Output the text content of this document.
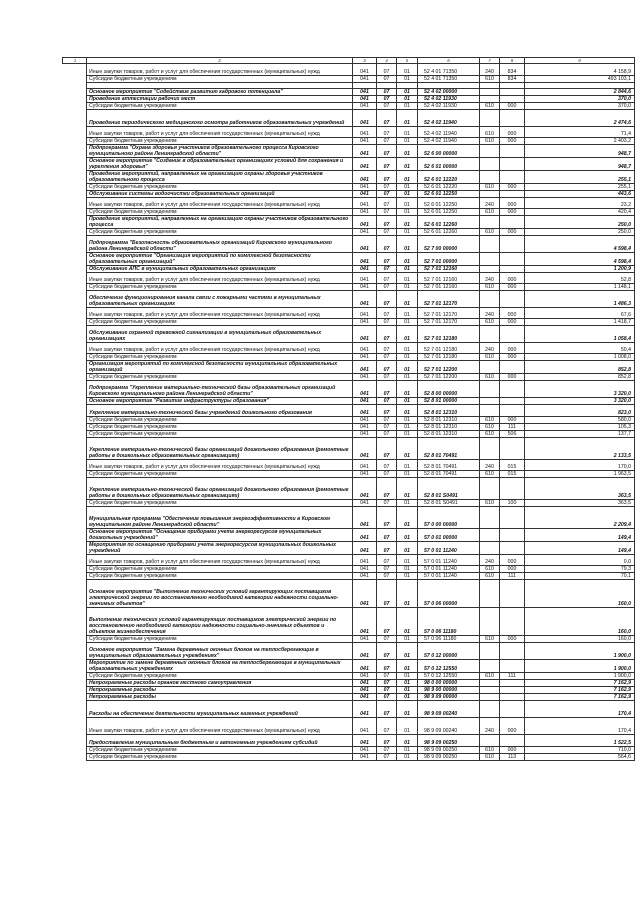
2	3	4	5	6	7	8	9
Иные закупки товаров, работ и услуг для обеспечения государственных (муниципальных) нужд	041	07	01	52 4 01 71350	240	834	4 158,9
Субсидии бюджетным учреждениям	041	07	01	52 4 01 71350	610	834	493 103,1

Основное мероприятие "Содействие развитию кадрового потенциала"	041	07	01	52 4 02 00000			2 844,6
Проведение аттестации рабочих мест	041	07	01	52 4 02 11930			370,0
Субсидии бюджетным учреждениям	041	07	01	52 4 02 11930	610	000	370,0
Проведение периодического медицинского осмотра работников образовательных учреждений	041	07	01	52 4 02 11940			2 474,6
Иные закупки товаров, работ и услуг для обеспечения государственных (муниципальных) нужд	041	07	01	52 4 02 11940	610	000	71,4
Субсидии бюджетным учреждениям	041	07	01	52 4 02 11940	610	000	2 403,2
Подпрограмма "Охрана здоровья участников образовательного процесса Кировского муниципального района Ленинградской области"	041	07	01	52 6 00 00000			948,7
Основное мероприятие "Создание в образовательных организациях условий для сохранения и укрепления здоровья"	041	07	01	52 6 01 00000			948,7
Проведение мероприятий, направленных на организацию охраны здоровья участников образовательного процесса	041	07	01	52 6 01 12220			255,1
Субсидии бюджетным учреждениям	041	07	01	52 6 01 12220	610	000	255,1
Обслуживание системы водоочистки образовательных организаций	041	07	01	52 6 01 12250			443,6
Иные закупки товаров, работ и услуг для обеспечения государственных (муниципальных) нужд	041	07	01	52 6 01 12250	240	000	23,2
Субсидии бюджетным учреждениям	041	07	01	52 6 01 12250	610	000	420,4
Проведение мероприятий, направленных на организацию охраны участников образовательного процесса	041	07	01	52 6 01 12260			250,0
Субсидии бюджетным учреждениям	041	07	01	52 6 01 12260	610	000	250,0
Подпрограмма "Безопасность образовательных организаций Кировского муниципального района Ленинградской области"	041	07	01	52 7 00 00000			4 598,4
Основное мероприятие "Организация мероприятий по комплексной безопасности образовательных организаций"	041	07	01	52 7 01 00000			4 598,4
Обслуживание АПС в муниципальных образовательных организациях	041	07	01	52 7 01 12160			1 200,9
Иные закупки товаров, работ и услуг для обеспечения государственных (муниципальных) нужд	041	07	01	52 7 01 12160	240	000	52,8
Субсидии бюджетным учреждениям	041	07	01	52 7 01 12160	610	000	1 148,1
Обеспечение функционирования канала связи с пожарными частями в муниципальных образовательных организациях	041	07	01	52 7 01 12170			1 486,3
Иные закупки товаров, работ и услуг для обеспечения государственных (муниципальных) нужд	041	07	01	52 7 01 12170	240	000	67,6
Субсидии бюджетным учреждениям	041	07	01	52 7 01 12170	610	000	1 418,7
Обслуживание охранной тревожной сигнализации в муниципальных образовательных организациях	041	07	01	52 7 01 12180			1 058,4
Иные закупки товаров, работ и услуг для обеспечения государственных (муниципальных) нужд	041	07	01	52 7 01 12180	240	000	50,4
Субсидии бюджетным учреждениям	041	07	01	52 7 01 12180	610	000	1 008,0
Организация мероприятий по комплексной безопасности муниципальных образовательных организаций	041	07	01	52 7 01 12200			852,8
Субсидии бюджетным учреждениям	041	07	01	52 7 01 12200	610	000	852,8
Подпрограмма "Укрепление материально-технической базы образовательных организаций Кировского муниципального района Ленинградской области"	041	07	01	52 8 00 00000			3 320,0
Основное мероприятие "Развитие инфраструктуры образования"	041	07	01	52 8 01 00000			3 320,0
Укрепление материально-технической базы учреждений дошкольного образования	041	07	01	52 8 01 12310			823,0
Субсидии бюджетным учреждениям	041	07	01	52 8 01 12310	610	000	580,0
Субсидии бюджетным учреждениям	041	07	01	52 8 01 12310	610	111	105,3
Субсидии бюджетным учреждениям	041	07	01	52 8 01 12310	610	506	137,7
Укрепление материально-технической базы организаций дошкольного образования (ремонтные работы в дошкольных образовательных организациях)	041	07	01	52 8 01 70491			2 133,5
Иные закупки товаров, работ и услуг для обеспечения государственных (муниципальных) нужд	041	07	01	52 8 01 70491	240	015	170,0
Субсидии бюджетным учреждениям	041	07	01	52 8 01 70491	610	015	1 963,5
Укрепление материально-технической базы организаций дошкольного образования (ремонтные работы в дошкольных образовательных организациях)	041	07	01	52 8 01 S0491			363,5
Субсидии бюджетным учреждениям	041	07	01	52 8 01 S0491	610	100	363,5
Муниципальная программа "Обеспечение повышения энергоэффективности в Кировском муниципальном районе Ленинградской области"	041	07	01	57 0 00 00000			2 209,4
Основное мероприятие "Оснащение приборами учета энергоресурсов муниципальных дошкольных учреждений"	041	07	01	57 0 01 00000			149,4
Мероприятия по оснащению приборами учета энергоресурсов муниципальных дошкольных учреждений	041	07	01	57 0 01 11240			149,4
Иные закупки товаров, работ и услуг для обеспечения государственных (муниципальных) нужд	041	07	01	57 0 01 11240	240	000	0,0
Субсидии бюджетным учреждениям	041	07	01	57 0 01 11240	610	000	79,3
Субсидии бюджетным учреждениям	041	07	01	57 0 01 11240	610	111	70,1
Основное мероприятие "Выполнение технических условий гарантирующих поставщиков электрической энергии по восстановлению необходимой категории надежности социально-значимых объектов"	041	07	01	57 0 06 00000			160,0
Выполнение технических условий гарантирующих поставщиков электрической энергии по восстановлению необходимой категории надежности социально-значимых объектов и объектов жизнеобеспечения	041	07	01	57 0 06 11180			160,0
Субсидии бюджетным учреждениям	041	07	01	57 0 06 11180	610	000	160,0
Основное мероприятие "Замена деревянных оконных блоков на теплосберегающие в муниципальных образовательных учреждениях"	041	07	01	57 0 12 00000			1 900,0
Мероприятие по замене деревянных оконных блоков на теплосберегающие в муниципальных образовательных учреждениях	041	07	01	57 0 12 12550			1 900,0
Субсидии бюджетным учреждениям	041	07	01	57 0 12 12550	610	111	1 900,0
Непрограммные расходы органов местного самоуправления	041	07	01	98 0 00 00000			7 162,9
Непрограммные расходы	041	07	01	98 9 00 00000			7 162,9
Непрограммные расходы	041	07	01	98 9 09 00000			7 162,9
Расходы на обеспечение деятельности муниципальных казенных учреждений	041	07	01	98 9 09 00240			170,4
Иные закупки товаров, работ и услуг для обеспечения государственных (муниципальных) нужд	041	07	01	98 9 09 00240	240	000	170,4
Предоставление муниципальным бюджетным и автономным учреждениям субсидий	041	07	01	98 9 09 00250			1 522,5
Субсидии бюджетным учреждениям	041	07	01	98 9 09 00250	610	000	710,0
Субсидии бюджетным учреждениям	041	07	01	98 9 09 00250	610	113	564,6
1
